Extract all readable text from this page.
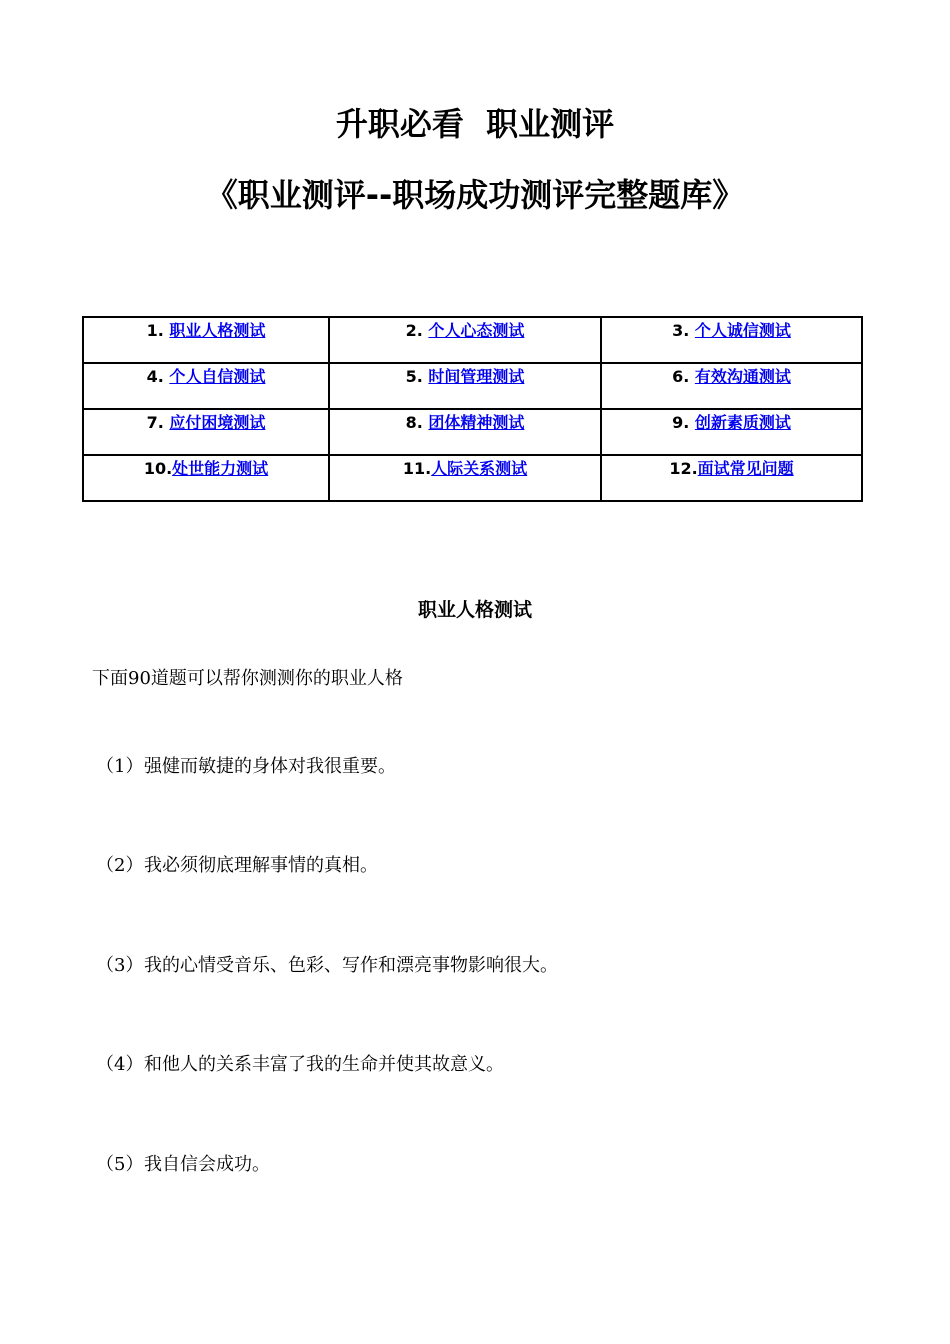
升职必看  职业测评
《职业测评--职场成功测评完整题库》
1. 职业人格测试	2. 个人心态测试	3. 个人诚信测试
4. 个人自信测试	5. 时间管理测试	6. 有效沟通测试
7. 应付困境测试	8. 团体精神测试	9. 创新素质测试
10.处世能力测试	11.人际关系测试	12.面试常见问题
职业人格测试
下面90道题可以帮你测测你的职业人格
（1）强健而敏捷的身体对我很重要。
（2）我必须彻底理解事情的真相。
（3）我的心情受音乐、色彩、写作和漂亮事物影响很大。
（4）和他人的关系丰富了我的生命并使其故意义。
（5）我自信会成功。
